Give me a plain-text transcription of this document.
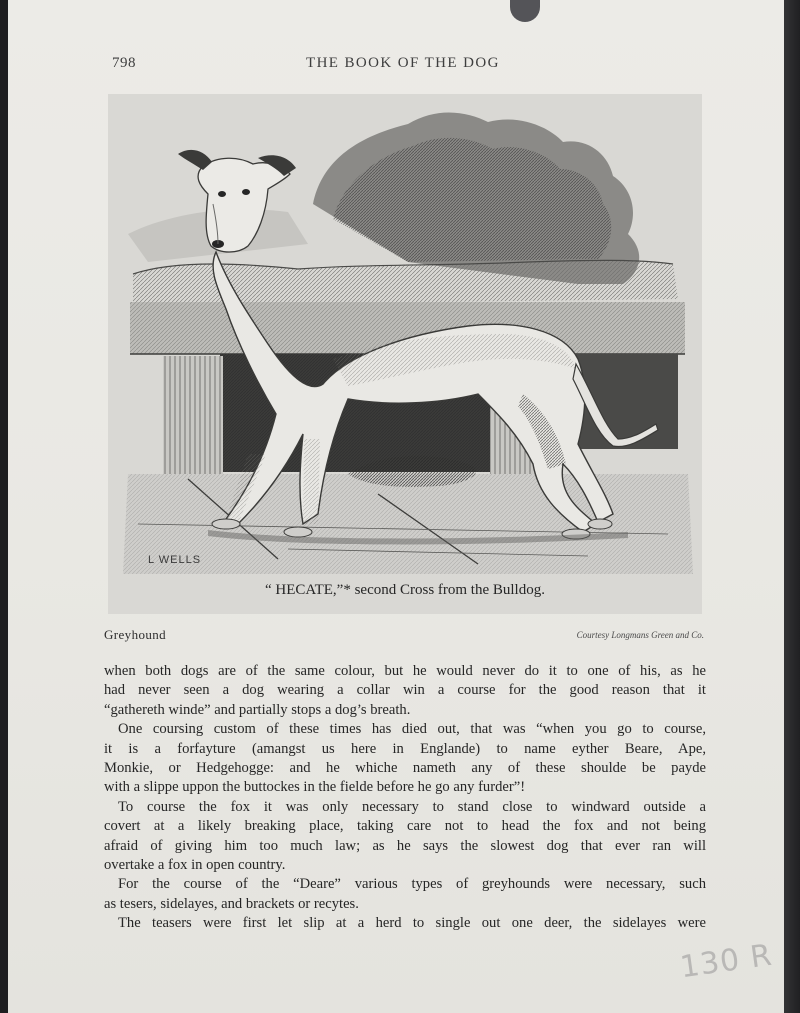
798	THE BOOK OF THE DOG
L WELLS
“ HECATE,”* second Cross from the Bulldog.
Greyhound	Courtesy Longmans Green and Co.
when both dogs are of the same colour, but he would never do it to one of his, as he
had never seen a dog wearing a collar win a course for the good reason that it
“gathereth winde” and partially stops a dog’s breath.
One coursing custom of these times has died out, that was “when you go to course,
it is a forfayture (amangst us here in Englande) to name eyther Beare, Ape,
Monkie, or Hedgehogge: and he whiche nameth any of these shoulde be payde
with a slippe uppon the buttockes in the fielde before he go any furder”!
To course the fox it was only necessary to stand close to windward outside a
covert at a likely breaking place, taking care not to head the fox and not being
afraid of giving him too much law; as he says the slowest dog that ever ran will
overtake a fox in open country.
For the course of the “Deare” various types of greyhounds were necessary, such
as tesers, sidelayes, and brackets or recytes.
The teasers were first let slip at a herd to single out one deer, the sidelayes were
130 R
